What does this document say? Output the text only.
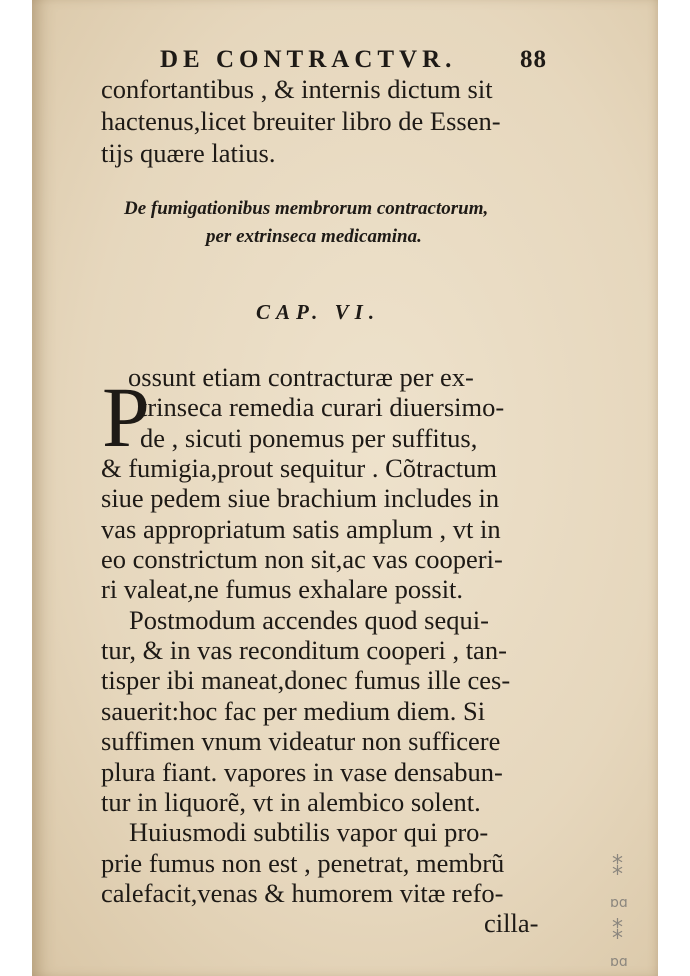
DE CONTRACTVR.	88
confortantibus , & internis dictum sit
hactenus,licet breuiter libro de Essen-
tijs quære latius.
De fumigationibus membrorum contractorum,
per extrinseca medicamina.
CAP. VI.
P
ossunt etiam contracturæ per ex-
trinseca remedia curari diuersimo-
de , sicuti ponemus per suffitus,
& fumigia,prout sequitur . Cõtractum
siue pedem siue brachium includes in
vas appropriatum satis amplum , vt in
eo constrictum non sit,ac vas cooperi-
ri valeat,ne fumus exhalare possit.
Postmodum accendes quod sequi-
tur, & in vas reconditum cooperi , tan-
tisper ibi maneat,donec fumus ille ces-
sauerit:hoc fac per medium diem. Si
suffimen vnum videatur non sufficere
plura fiant. vapores in vase densabun-
tur in liquorẽ, vt in alembico solent.
Huiusmodi subtilis vapor qui pro-
prie fumus non est , penetrat, membrũ
calefacit,venas & humorem vitæ refo-
cilla-
⁑
ɒɑ
⁑
ɒɑ
